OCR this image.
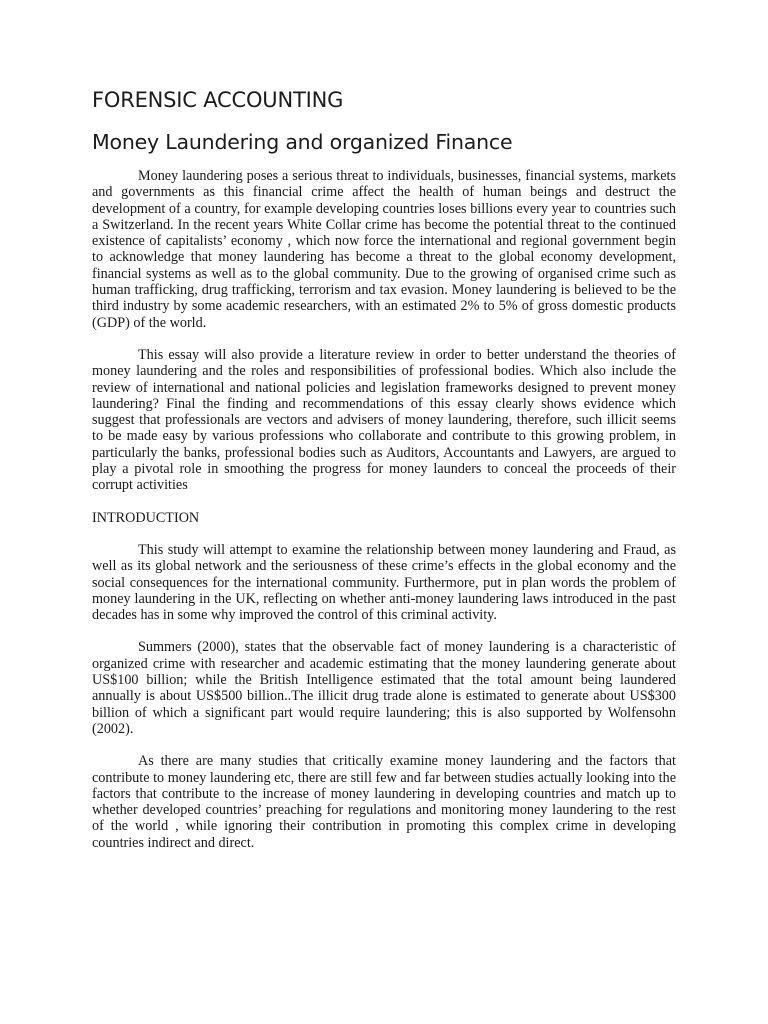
FORENSIC ACCOUNTING
Money Laundering and organized Finance

Money laundering poses a serious threat to individuals, businesses, financial systems, markets and governments as this financial crime affect the health of human beings and destruct the development of a country, for example developing countries loses billions every year to countries such a Switzerland. In the recent years White Collar crime has become the potential threat to the continued existence of capitalists’ economy , which now force the international and regional government begin to acknowledge that money laundering has become a threat to the global economy development, financial systems as well as to the global community. Due to the growing of organised crime such as human trafficking, drug trafficking, terrorism and tax evasion. Money laundering is believed to be the third industry by some academic researchers, with an estimated 2% to 5% of gross domestic products (GDP) of the world.

This essay will also provide a literature review in order to better understand the theories of money laundering and the roles and responsibilities of professional bodies. Which also include the review of international and national policies and legislation frameworks designed to prevent money laundering? Final the finding and recommendations of this essay clearly shows evidence which suggest that professionals are vectors and advisers of money laundering, therefore, such illicit seems to be made easy by various professions who collaborate and contribute to this growing problem, in particularly the banks, professional bodies such as Auditors, Accountants and Lawyers, are argued to play a pivotal role in smoothing the progress for money launders to conceal the proceeds of their corrupt activities

INTRODUCTION

This study will attempt to examine the relationship between money laundering and Fraud, as well as its global network and the seriousness of these crime’s effects in the global economy and the social consequences for the international community. Furthermore, put in plan words the problem of money laundering in the UK, reflecting on whether anti-money laundering laws introduced in the past decades has in some why improved the control of this criminal activity.

Summers (2000), states that the observable fact of money laundering is a characteristic of organized crime with researcher and academic estimating that the money laundering generate about US$100 billion; while the British Intelligence estimated that the total amount being laundered annually is about US$500 billion..The illicit drug trade alone is estimated to generate about US$300 billion of which a significant part would require laundering; this is also supported by Wolfensohn (2002).

As there are many studies that critically examine money laundering and the factors that contribute to money laundering etc, there are still few and far between studies actually looking into the factors that contribute to the increase of money laundering in developing countries and match up to whether developed countries’ preaching for regulations and monitoring money laundering to the rest of the world , while ignoring their contribution in promoting this complex crime in developing countries indirect and direct.
